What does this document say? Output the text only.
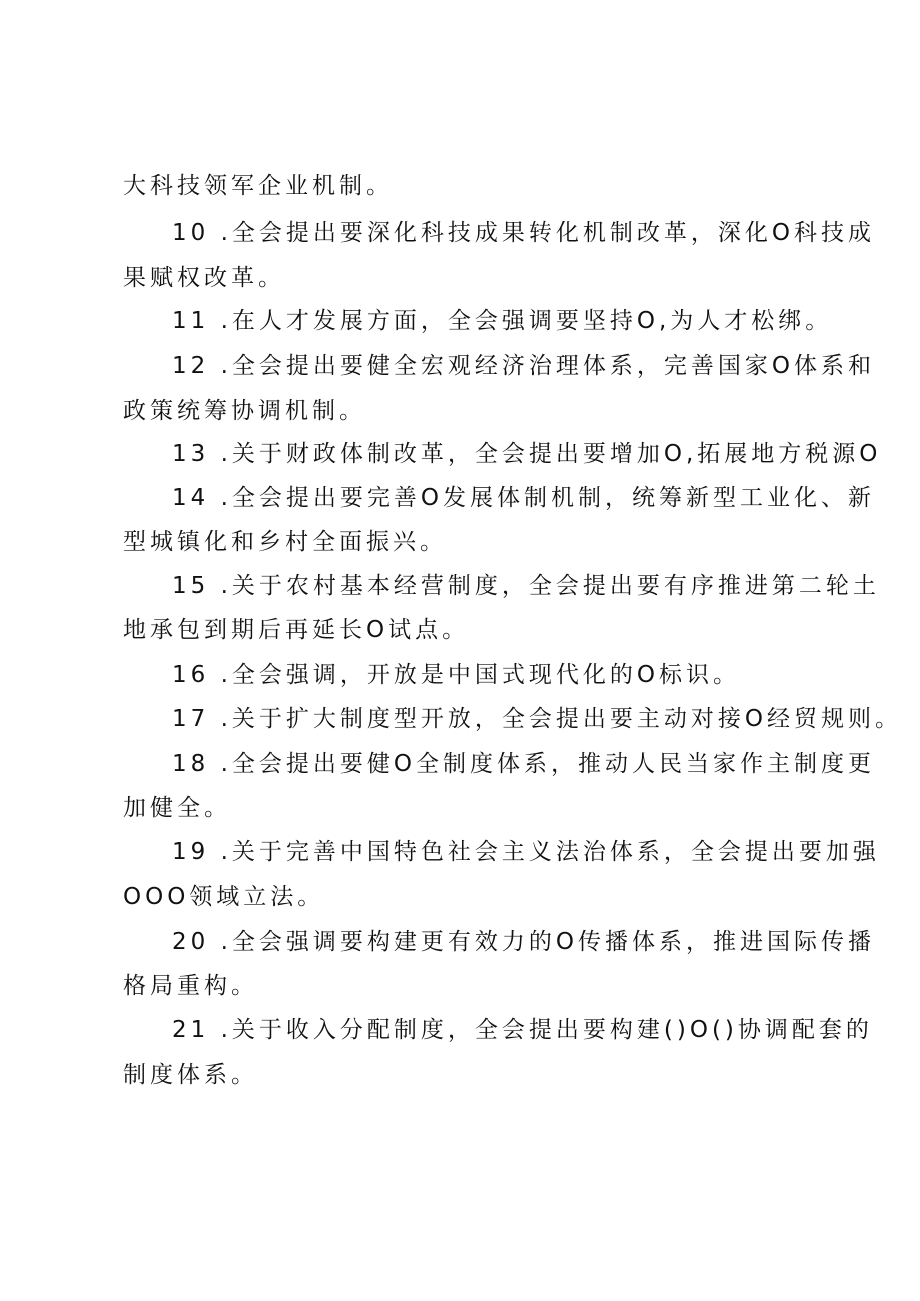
大科技领军企业机制。
10 .全会提出要深化科技成果转化机制改革，深化O科技成
果赋权改革。
11 .在人才发展方面，全会强调要坚持O,为人才松绑。
12 .全会提出要健全宏观经济治理体系，完善国家O体系和
政策统筹协调机制。
13 .关于财政体制改革，全会提出要增加O,拓展地方税源O
14 .全会提出要完善O发展体制机制，统筹新型工业化、新
型城镇化和乡村全面振兴。
15 .关于农村基本经营制度，全会提出要有序推进第二轮土
地承包到期后再延长O试点。
16 .全会强调，开放是中国式现代化的O标识。
17 .关于扩大制度型开放，全会提出要主动对接O经贸规则。
18 .全会提出要健O全制度体系，推动人民当家作主制度更
加健全。
19 .关于完善中国特色社会主义法治体系，全会提出要加强
OOO领域立法。
20 .全会强调要构建更有效力的O传播体系，推进国际传播
格局重构。
21 .关于收入分配制度，全会提出要构建()O()协调配套的
制度体系。
